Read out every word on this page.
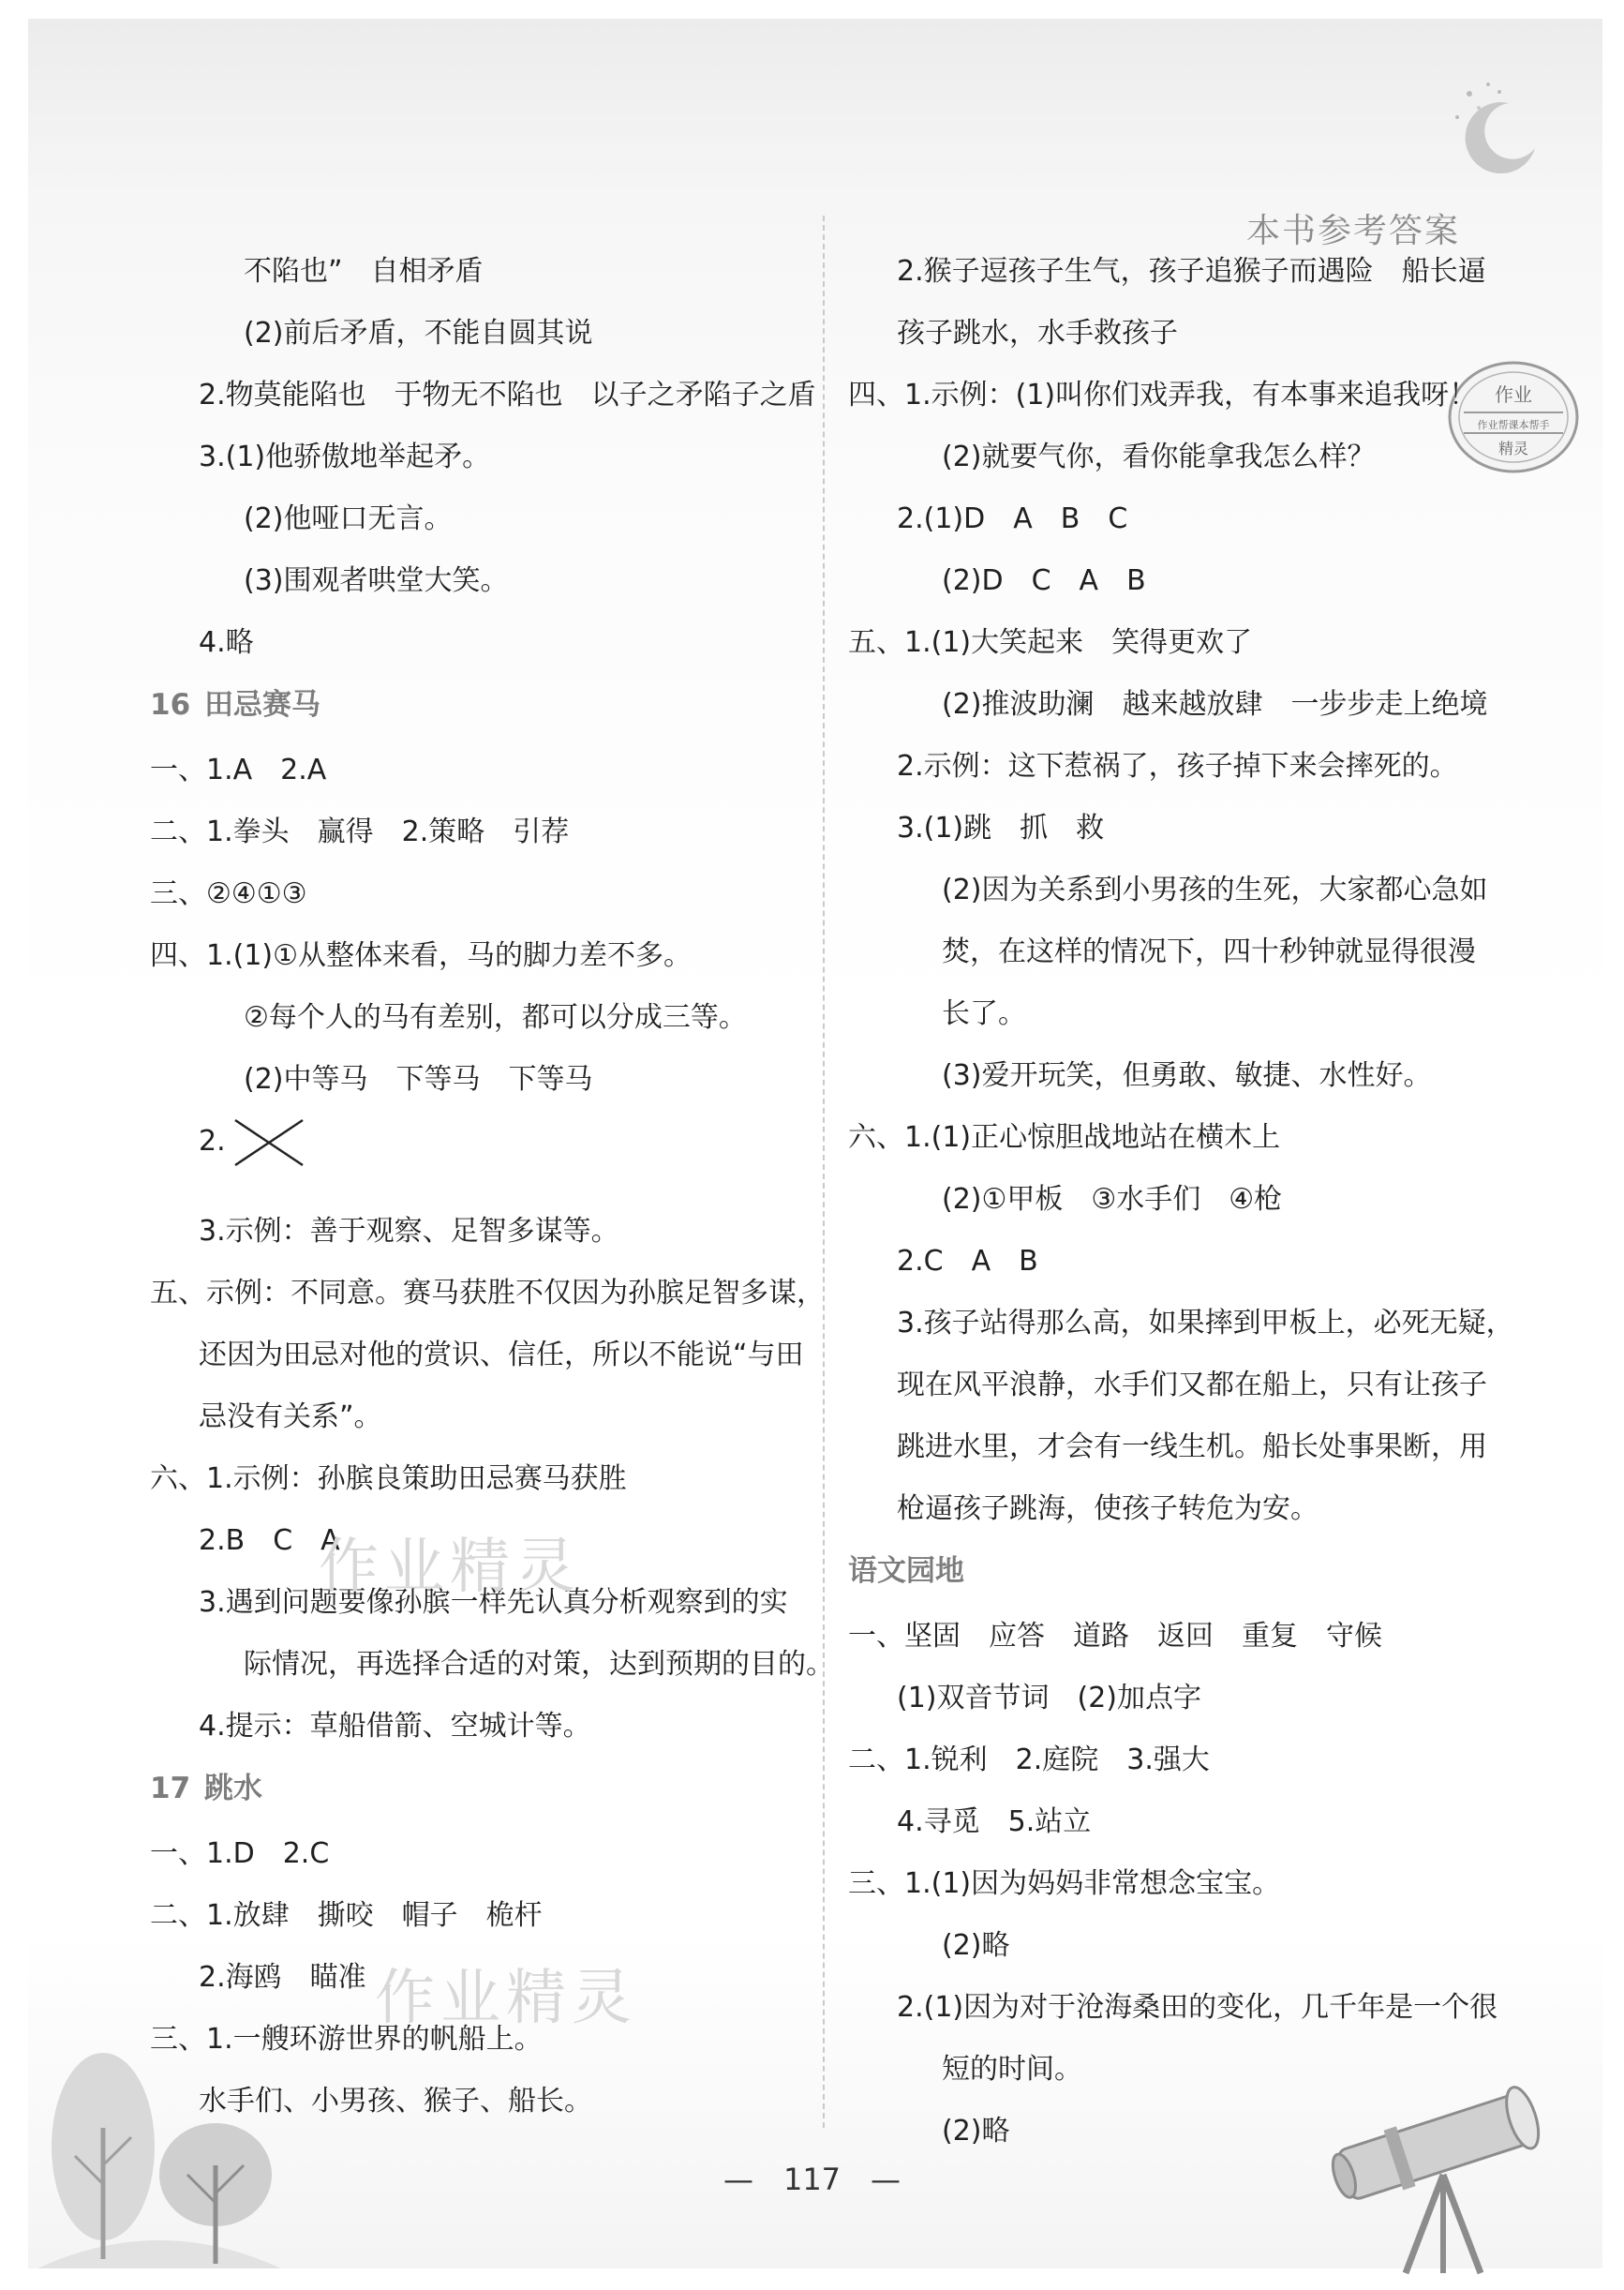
本书参考答案
作业
作业帮课本帮手
精灵
不陷也”　自相矛盾
(2)前后矛盾，不能自圆其说
2.物莫能陷也　于物无不陷也　以子之矛陷子之盾
3.(1)他骄傲地举起矛。
(2)他哑口无言。
(3)围观者哄堂大笑。
4.略
16 田忌赛马
一、1.A　2.A
二、1.拳头　赢得　2.策略　引荐
三、②④①③
四、1.(1)①从整体来看，马的脚力差不多。
②每个人的马有差别，都可以分成三等。
(2)中等马　下等马　下等马
2.
3.示例：善于观察、足智多谋等。
五、示例：不同意。赛马获胜不仅因为孙膑足智多谋，
还因为田忌对他的赏识、信任，所以不能说“与田
忌没有关系”。
六、1.示例：孙膑良策助田忌赛马获胜
2.B　C　A
3.遇到问题要像孙膑一样先认真分析观察到的实
际情况，再选择合适的对策，达到预期的目的。
4.提示：草船借箭、空城计等。
17 跳水
一、1.D　2.C
二、1.放肆　撕咬　帽子　桅杆
2.海鸥　瞄准
三、1.一艘环游世界的帆船上。
水手们、小男孩、猴子、船长。
2.猴子逗孩子生气，孩子追猴子而遇险　船长逼
孩子跳水，水手救孩子
四、1.示例：(1)叫你们戏弄我，有本事来追我呀！
(2)就要气你，看你能拿我怎么样？
2.(1)D　A　B　C
(2)D　C　A　B
五、1.(1)大笑起来　笑得更欢了
(2)推波助澜　越来越放肆　一步步走上绝境
2.示例：这下惹祸了，孩子掉下来会摔死的。
3.(1)跳　抓　救
(2)因为关系到小男孩的生死，大家都心急如
焚，在这样的情况下，四十秒钟就显得很漫
长了。
(3)爱开玩笑，但勇敢、敏捷、水性好。
六、1.(1)正心惊胆战地站在横木上
(2)①甲板　③水手们　④枪
2.C　A　B
3.孩子站得那么高，如果摔到甲板上，必死无疑，
现在风平浪静，水手们又都在船上，只有让孩子
跳进水里，才会有一线生机。船长处事果断，用
枪逼孩子跳海，使孩子转危为安。
语文园地
一、坚固　应答　道路　返回　重复　守候
(1)双音节词　(2)加点字
二、1.锐利　2.庭院　3.强大
4.寻觅　5.站立
三、1.(1)因为妈妈非常想念宝宝。
(2)略
2.(1)因为对于沧海桑田的变化，几千年是一个很
短的时间。
(2)略
作业精灵
作业精灵
—　117　—
